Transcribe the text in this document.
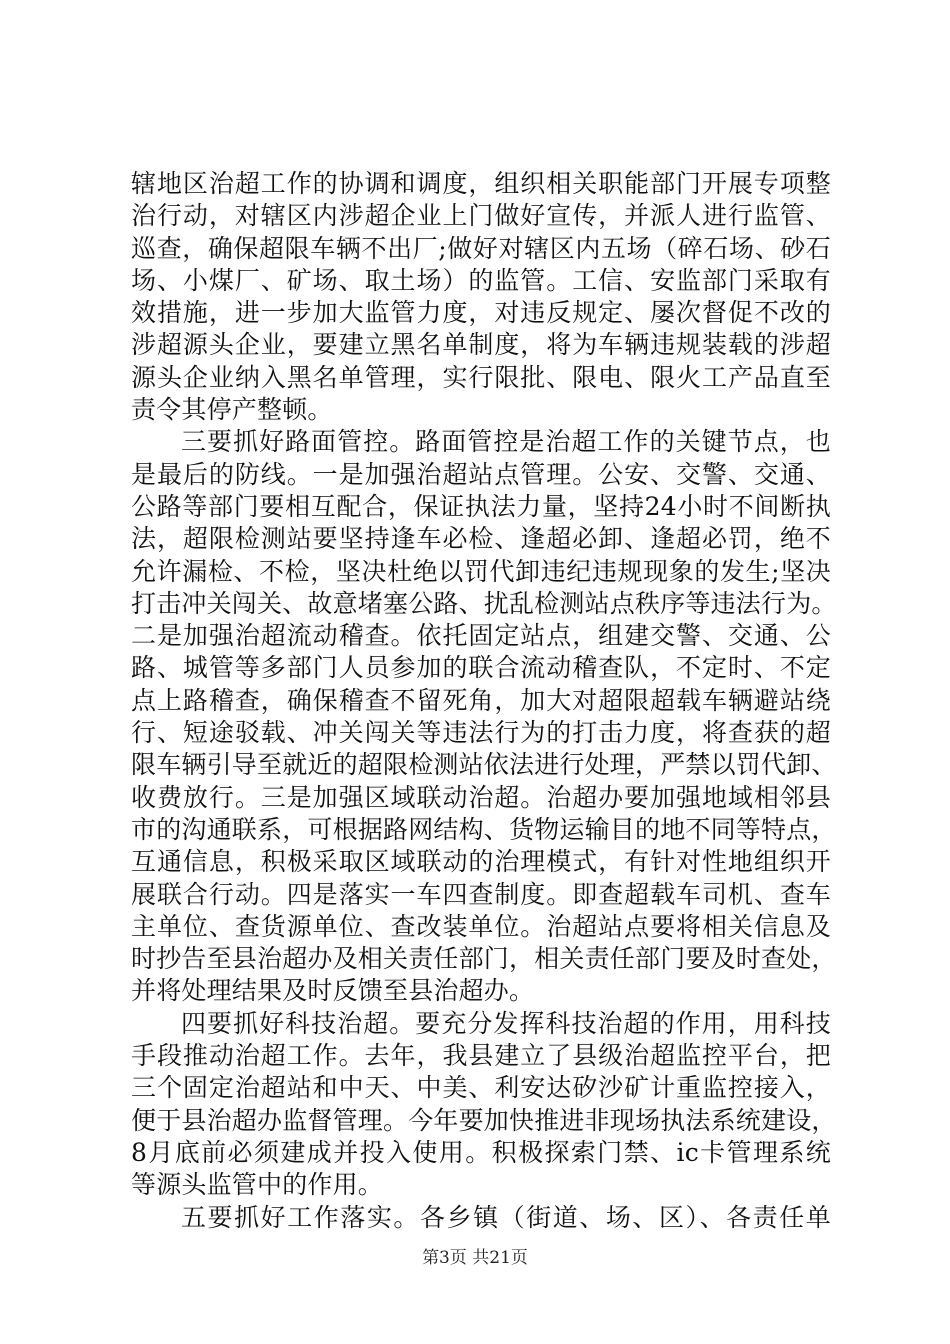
辖地区治超工作的协调和调度，组织相关职能部门开展专项整
治行动，对辖区内涉超企业上门做好宣传，并派人进行监管、
巡查，确保超限车辆不出厂;做好对辖区内五场（碎石场、砂石
场、小煤厂、矿场、取土场）的监管。工信、安监部门采取有
效措施，进一步加大监管力度，对违反规定、屡次督促不改的
涉超源头企业，要建立黑名单制度，将为车辆违规装载的涉超
源头企业纳入黑名单管理，实行限批、限电、限火工产品直至
责令其停产整顿。
三要抓好路面管控。路面管控是治超工作的关键节点，也
是最后的防线。一是加强治超站点管理。公安、交警、交通、
公路等部门要相互配合，保证执法力量，坚持24小时不间断执
法，超限检测站要坚持逢车必检、逢超必卸、逢超必罚，绝不
允许漏检、不检，坚决杜绝以罚代卸违纪违规现象的发生;坚决
打击冲关闯关、故意堵塞公路、扰乱检测站点秩序等违法行为。
二是加强治超流动稽查。依托固定站点，组建交警、交通、公
路、城管等多部门人员参加的联合流动稽查队，不定时、不定
点上路稽查，确保稽查不留死角，加大对超限超载车辆避站绕
行、短途驳载、冲关闯关等违法行为的打击力度，将查获的超
限车辆引导至就近的超限检测站依法进行处理，严禁以罚代卸、
收费放行。三是加强区域联动治超。治超办要加强地域相邻县
市的沟通联系，可根据路网结构、货物运输目的地不同等特点，
互通信息，积极采取区域联动的治理模式，有针对性地组织开
展联合行动。四是落实一车四查制度。即查超载车司机、查车
主单位、查货源单位、查改装单位。治超站点要将相关信息及
时抄告至县治超办及相关责任部门，相关责任部门要及时查处，
并将处理结果及时反馈至县治超办。
四要抓好科技治超。要充分发挥科技治超的作用，用科技
手段推动治超工作。去年，我县建立了县级治超监控平台，把
三个固定治超站和中天、中美、利安达矽沙矿计重监控接入，
便于县治超办监督管理。今年要加快推进非现场执法系统建设，
8月底前必须建成并投入使用。积极探索门禁、ic卡管理系统
等源头监管中的作用。
五要抓好工作落实。各乡镇（街道、场、区）、各责任单
第3页 共21页
